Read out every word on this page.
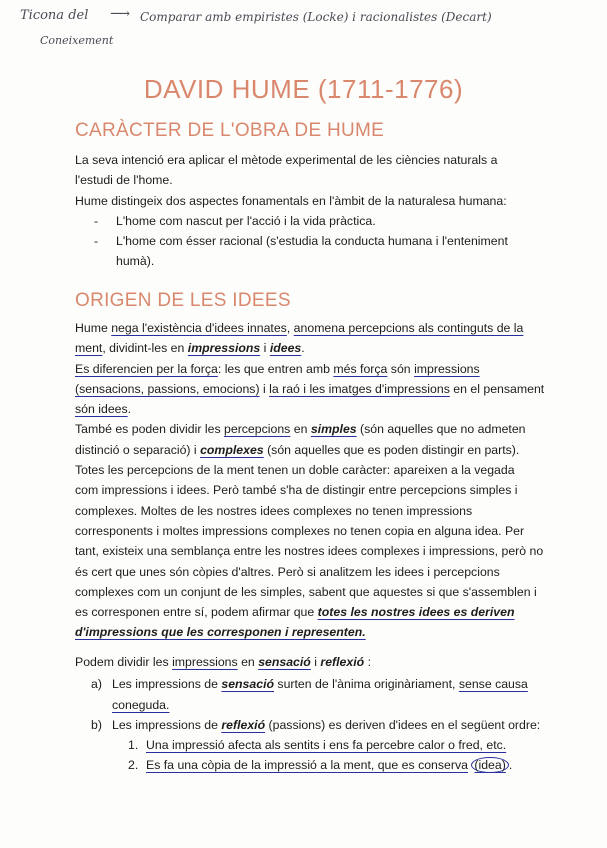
Ticona del
Coneixement
⟶ Comparar amb empiristes (Locke) i racionalistes (Decart)
DAVID HUME (1711-1776)
CARÀCTER DE L'OBRA DE HUME

La seva intenció era aplicar el mètode experimental de les ciències naturals a

l'estudi de l'home.

Hume distingeix dos aspectes fonamentals en l'àmbit de la naturalesa humana:

- L'home com nascut per l'acció i la vida pràctica.
- L'home com ésser racional (s'estudia la conducta humana i l'enteniment
humà).
ORIGEN DE LES IDEES

Hume nega l'existència d'idees innates, anomena percepcions als continguts de la

ment, dividint-les en impressions i idees.

Es diferencien per la força: les que entren amb més força són impressions

(sensacions, passions, emocions) i la raó i les imatges d'impressions en el pensament

són idees.

També es poden dividir les percepcions en simples (són aquelles que no admeten

distinció o separació) i complexes (són aquelles que es poden distingir en parts).

Totes les percepcions de la ment tenen un doble caràcter: apareixen a la vegada

com impressions i idees. Però també s'ha de distingir entre percepcions simples i

complexes. Moltes de les nostres idees complexes no tenen impressions

corresponents i moltes impressions complexes no tenen copia en alguna idea. Per

tant, existeix una semblança entre les nostres idees complexes i impressions, però no

és cert que unes són còpies d'altres. Però si analitzem les idees i percepcions

complexes com un conjunt de les simples, sabent que aquestes si que s'assemblen i

es corresponen entre sí, podem afirmar que totes les nostres idees es deriven

d'impressions que les corresponen i representen.

Podem dividir les impressions en sensació i reflexió :

a) Les impressions de sensació surten de l'ànima originàriament, sense causa

coneguda.

b) Les impressions de reflexió (passions) es deriven d'idees en el següent ordre:

1. Una impressió afecta als sentits i ens fa percebre calor o fred, etc.

2. Es fa una còpia de la impressió a la ment, que es conserva (idea) .
